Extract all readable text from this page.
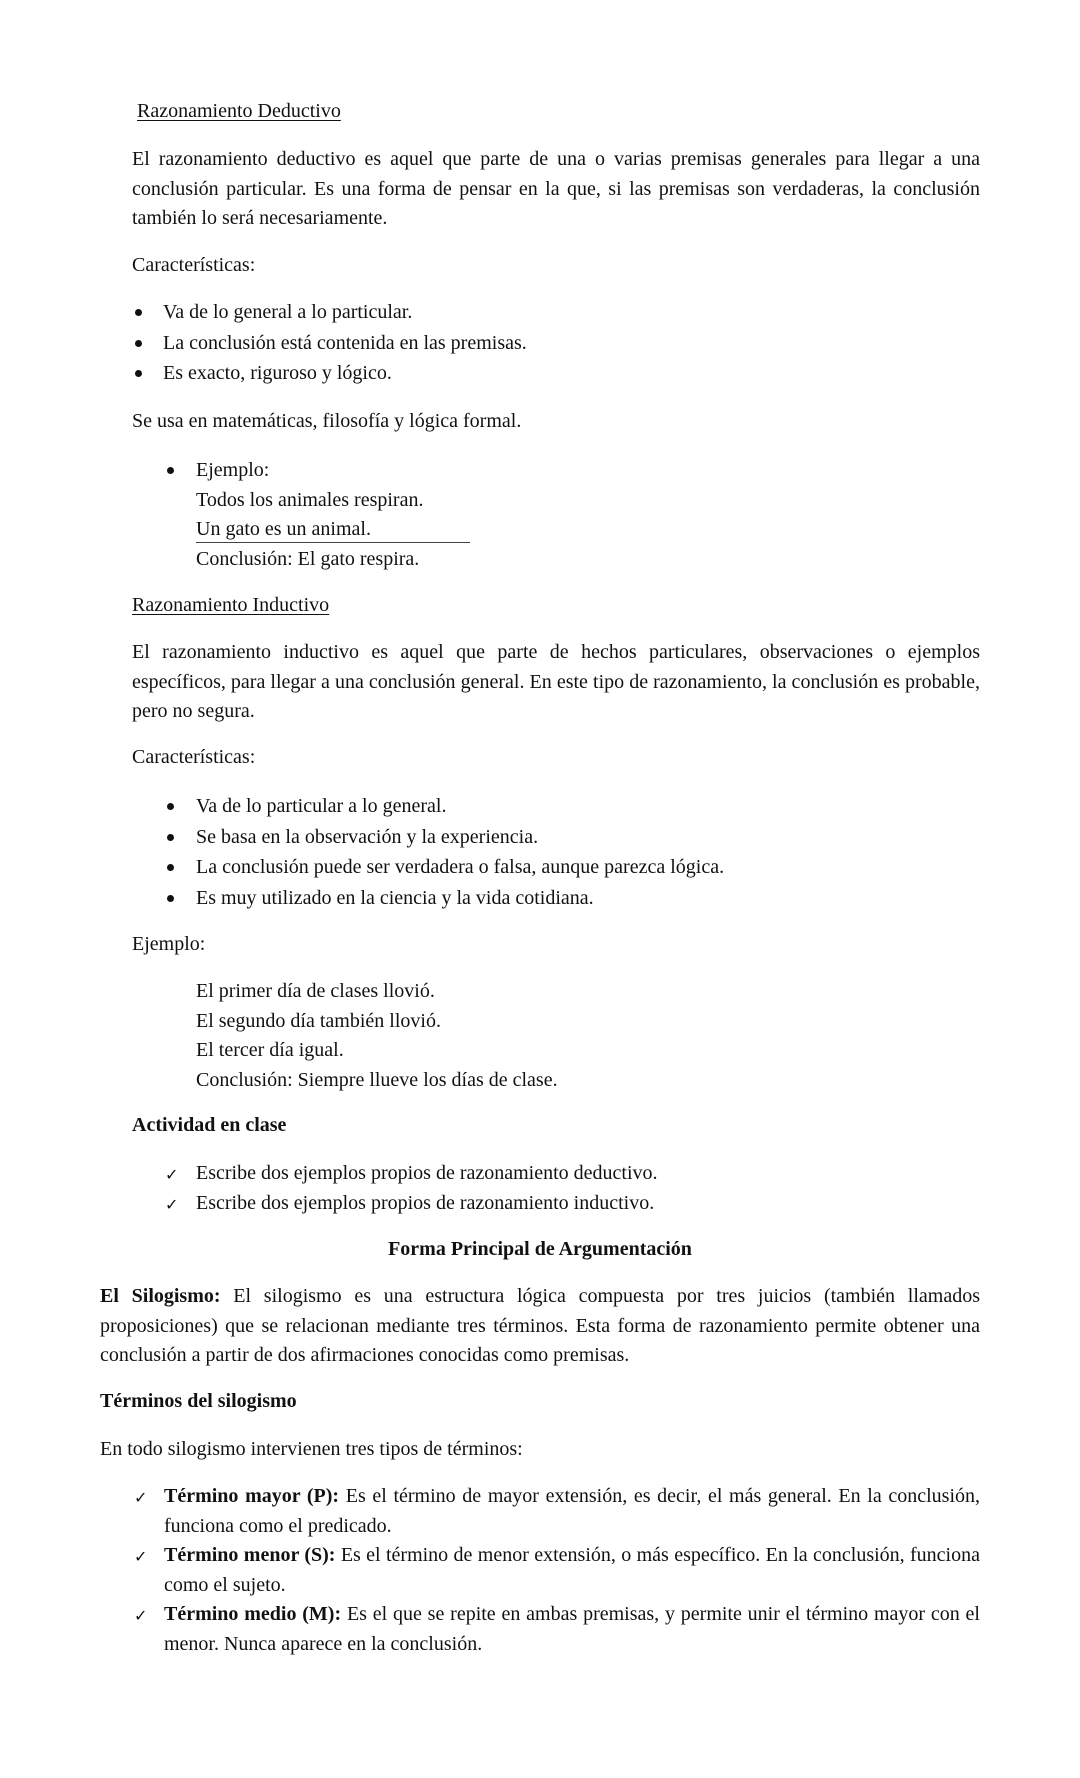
Razonamiento Deductivo

El razonamiento deductivo es aquel que parte de una o varias premisas generales para llegar a una conclusión particular. Es una forma de pensar en la que, si las premisas son verdaderas, la conclusión también lo será necesariamente.

Características:
Va de lo general a lo particular.
La conclusión está contenida en las premisas.
Es exacto, riguroso y lógico.
Se usa en matemáticas, filosofía y lógica formal.
Ejemplo:
Todos los animales respiran.
Un gato es un animal.
Conclusión: El gato respira.
Razonamiento Inductivo

El razonamiento inductivo es aquel que parte de hechos particulares, observaciones o ejemplos específicos, para llegar a una conclusión general. En este tipo de razonamiento, la conclusión es probable, pero no segura.

Características:
Va de lo particular a lo general.
Se basa en la observación y la experiencia.
La conclusión puede ser verdadera o falsa, aunque parezca lógica.
Es muy utilizado en la ciencia y la vida cotidiana.
Ejemplo:
El primer día de clases llovió.
El segundo día también llovió.
El tercer día igual.
Conclusión: Siempre llueve los días de clase.
Actividad en clase
✓ Escribe dos ejemplos propios de razonamiento deductivo.
✓ Escribe dos ejemplos propios de razonamiento inductivo.
Forma Principal de Argumentación

El Silogismo: El silogismo es una estructura lógica compuesta por tres juicios (también llamados proposiciones) que se relacionan mediante tres términos. Esta forma de razonamiento permite obtener una conclusión a partir de dos afirmaciones conocidas como premisas.

Términos del silogismo
En todo silogismo intervienen tres tipos de términos:
✓ Término mayor (P): Es el término de mayor extensión, es decir, el más general. En la conclusión, funciona como el predicado.

✓ Término menor (S): Es el término de menor extensión, o más específico. En la conclusión, funciona como el sujeto.

✓ Término medio (M): Es el que se repite en ambas premisas, y permite unir el término mayor con el menor. Nunca aparece en la conclusión.
